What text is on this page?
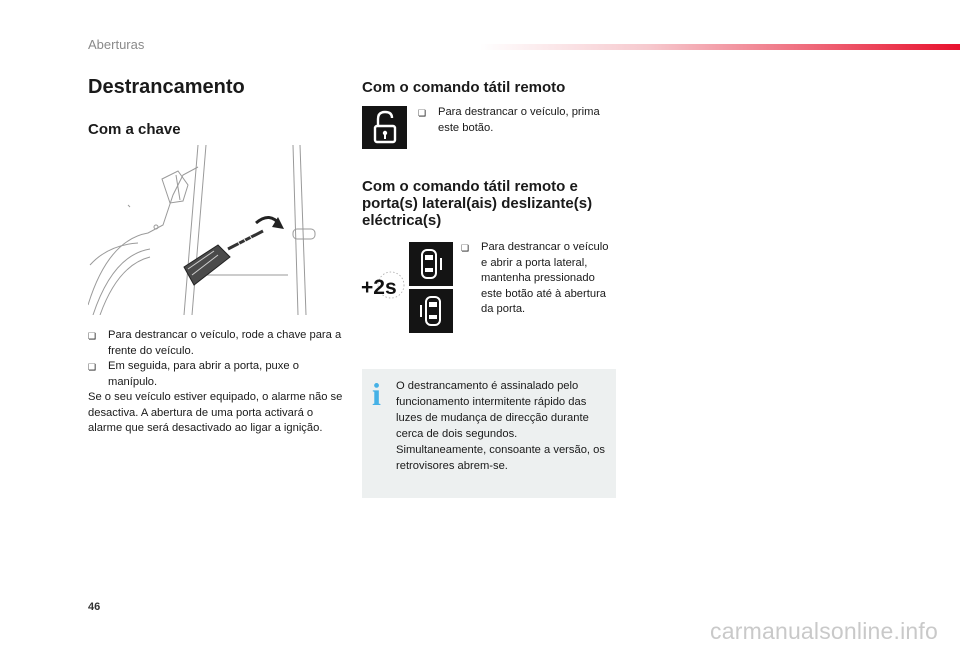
Aberturas
Destrancamento
Com a chave
❏	Para destrancar o veículo, rode a chave para a frente do veículo.
❏	Em seguida, para abrir a porta, puxe o manípulo.
Se o seu veículo estiver equipado, o alarme não se desactiva. A abertura de uma porta activará o alarme que será desactivado ao ligar a ignição.
Com o comando tátil remoto
❏	Para destrancar o veículo, prima este botão.
Com o comando tátil remoto e porta(s) lateral(ais) deslizante(s) eléctrica(s)
+2s
❏	Para destrancar o veículo e abrir a porta lateral, mantenha pressionado este botão até à abertura da porta.
i O destrancamento é assinalado pelo funcionamento intermitente rápido das luzes de mudança de direcção durante cerca de dois segundos. Simultaneamente, consoante a versão, os retrovisores abrem-se.
46
carmanualsonline.info
